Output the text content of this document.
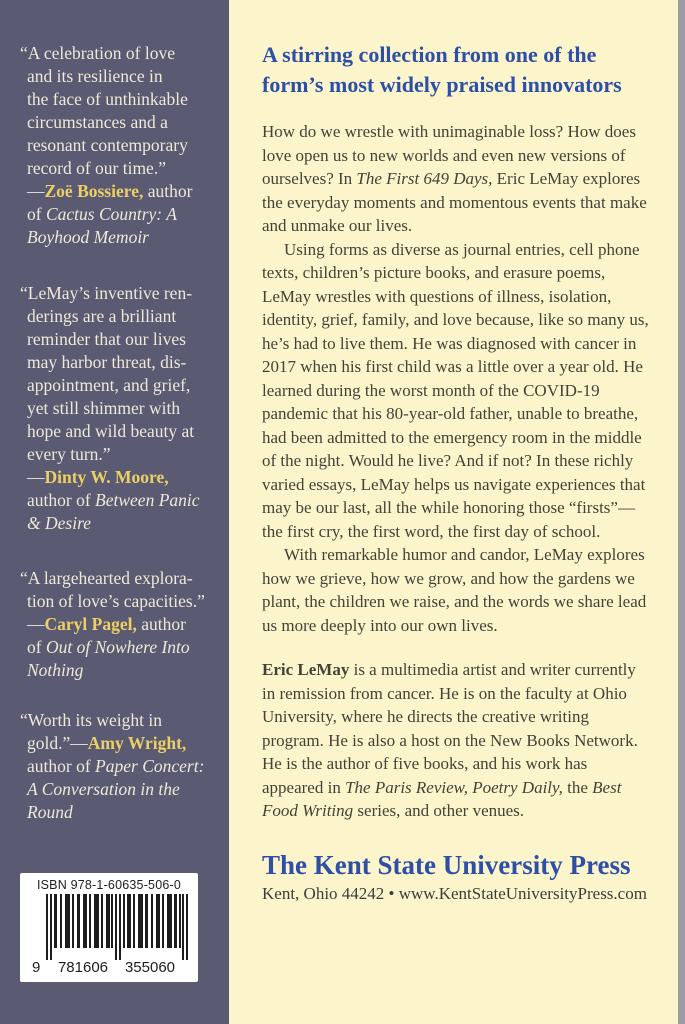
“A celebration of love
and its resilience in
the face of unthinkable
circumstances and a
resonant contemporary
record of our time.”
—Zoë Bossiere, author
of Cactus Country: A
Boyhood Memoir
“LeMay’s inventive ren-
derings are a brilliant
reminder that our lives
may harbor threat, dis-
appointment, and grief,
yet still shimmer with
hope and wild beauty at
every turn.”
—Dinty W. Moore,
author of Between Panic
& Desire
“A largehearted explora-
tion of love’s capacities.”
—Caryl Pagel, author
of Out of Nowhere Into
Nothing
“Worth its weight in
gold.”—Amy Wright,
author of Paper Concert:
A Conversation in the
Round
ISBN 978-1-60635-506-0
9 781606 355060
A stirring collection from one of the
form’s most widely praised innovators

How do we wrestle with unimaginable loss? How does love open us to new worlds and even new versions of ourselves? In The First 649 Days, Eric LeMay explores the everyday moments and momentous events that make and unmake our lives.

Using forms as diverse as journal entries, cell phone texts, children’s picture books, and erasure poems, LeMay wrestles with questions of illness, isolation, identity, grief, family, and love because, like so many us, he’s had to live them. He was diagnosed with cancer in 2017 when his first child was a little over a year old. He learned during the worst month of the COVID-19 pandemic that his 80-year-old father, unable to breathe, had been admitted to the emergency room in the middle of the night. Would he live? And if not? In these richly varied essays, LeMay helps us navigate experiences that may be our last, all the while honoring those “firsts”—the first cry, the first word, the first day of school.

With remarkable humor and candor, LeMay explores how we grieve, how we grow, and how the gardens we plant, the children we raise, and the words we share lead us more deeply into our own lives.

Eric LeMay is a multimedia artist and writer currently in remission from cancer. He is on the faculty at Ohio University, where he directs the creative writing program. He is also a host on the New Books Network. He is the author of five books, and his work has appeared in The Paris Review, Poetry Daily, the Best Food Writing series, and other venues.

The Kent State University Press
Kent, Ohio 44242 • www.KentStateUniversityPress.com
